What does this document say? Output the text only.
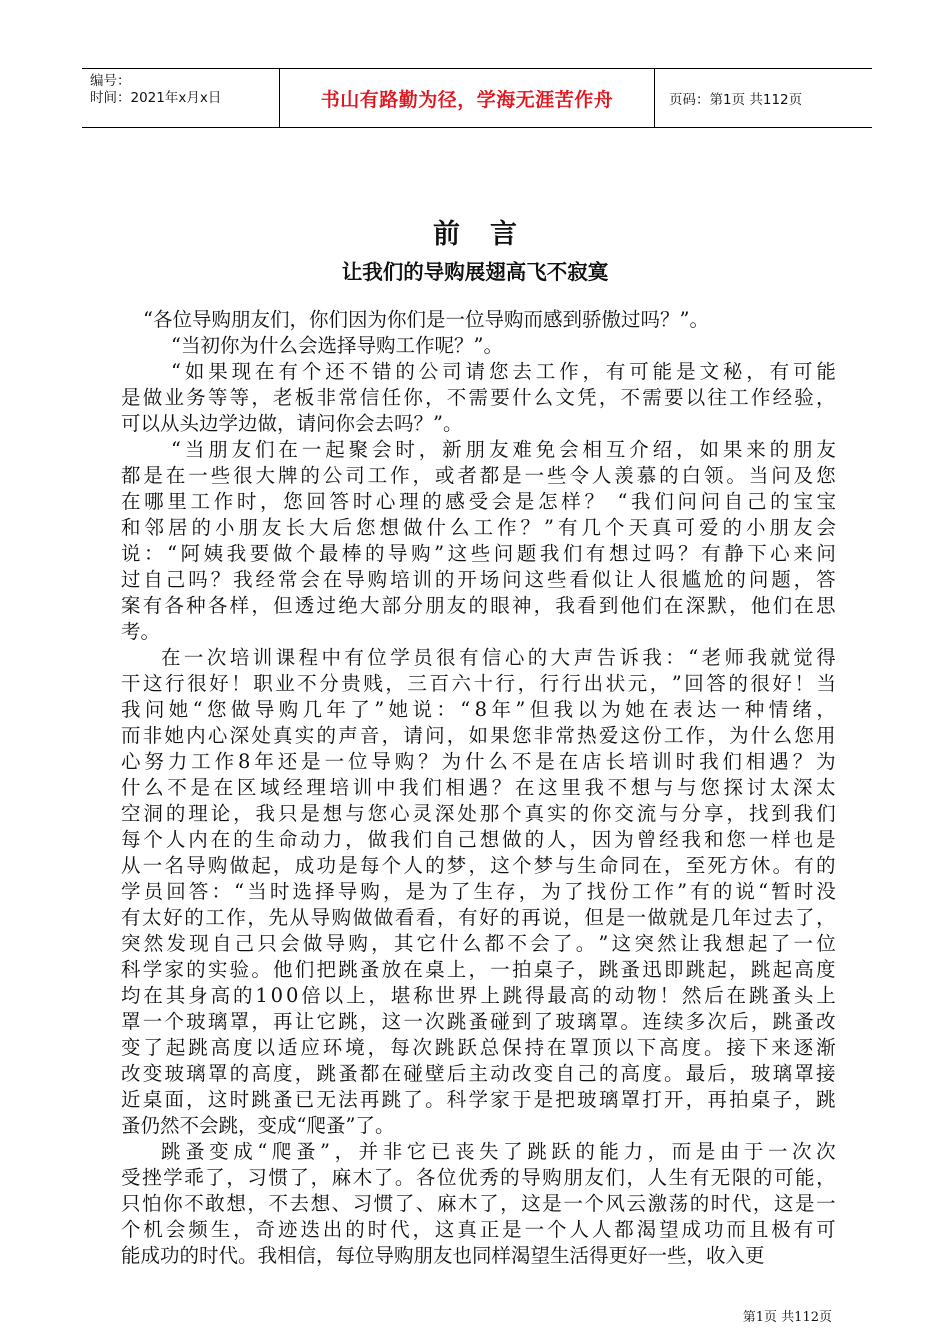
编号：
时间：2021年x月x日	书山有路勤为径，学海无涯苦作舟	页码：第1页 共112页
前言
让我们的导购展翅高飞不寂寞
“各位导购朋友们，你们因为你们是一位导购而感到骄傲过吗？”。
“当初你为什么会选择导购工作呢？”。
“ 如 果 现 在 有 个 还 不 错 的 公 司 请 您 去 工 作 ， 有 可 能 是 文 秘 ， 有 可 能
是 做 业 务 等 等 ， 老 板 非 常 信 任 你 ， 不 需 要 什 么 文 凭 ， 不 需 要 以 往 工 作 经 验 ，
可以从头边学边做，请问你会去吗？”。
“ 当 朋 友 们 在 一 起 聚 会 时 ， 新 朋 友 难 免 会 相 互 介 绍 ， 如 果 来 的 朋 友
都 是 在 一 些 很 大 牌 的 公 司 工 作 ， 或 者 都 是 一 些 令 人 羡 慕 的 白 领 。 当 问 及 您
在 哪 里 工 作 时 ， 您 回 答 时 心 理 的 感 受 会 是 怎 样 ？
“ 我 们 问 问 自 己 的 宝 宝
和 邻 居 的 小 朋 友 长 大 后 您 想 做 什 么 工 作 ？ ” 有 几 个 天 真 可 爱 的 小 朋 友 会
说 ： “ 阿 姨 我 要 做 个 最 棒 的 导 购 ” 这 些 问 题 我 们 有 想 过 吗 ？ 有 静 下 心 来 问
过 自 己 吗 ？ 我 经 常 会 在 导 购 培 训 的 开 场 问 这 些 看 似 让 人 很 尴 尬 的 问 题 ， 答
案 有 各 种 各 样 ， 但 透 过 绝 大 部 分 朋 友 的 眼 神 ， 我 看 到 他 们 在 深 默 ， 他 们 在 思
考。
在 一 次 培 训 课 程 中 有 位 学 员 很 有 信 心 的 大 声 告 诉 我 ： “ 老 师 我 就 觉 得
干 这 行 很 好 ！ 职 业 不 分 贵 贱 ， 三 百 六 十 行 ， 行 行 出 状 元 ， ” 回 答 的 很 好 ！ 当
我 问 她 “ 您 做 导 购 几 年 了 ” 她 说 ： “ 8 年 ” 但 我 以 为 她 在 表 达 一 种 情 绪 ，
而 非 她 内 心 深 处 真 实 的 声 音 ， 请 问 ， 如 果 您 非 常 热 爱 这 份 工 作 ， 为 什 么 您 用
心 努 力 工 作 8 年 还 是 一 位 导 购 ？ 为 什 么 不 是 在 店 长 培 训 时 我 们 相 遇 ？ 为
什 么 不 是 在 区 域 经 理 培 训 中 我 们 相 遇 ？ 在 这 里 我 不 想 与 与 您 探 讨 太 深 太
空 洞 的 理 论 ， 我 只 是 想 与 您 心 灵 深 处 那 个 真 实 的 你 交 流 与 分 享 ， 找 到 我 们
每 个 人 内 在 的 生 命 动 力 ， 做 我 们 自 己 想 做 的 人 ， 因 为 曾 经 我 和 您 一 样 也 是
从 一 名 导 购 做 起 ， 成 功 是 每 个 人 的 梦 ， 这 个 梦 与 生 命 同 在 ， 至 死 方 休 。 有 的
学 员 回 答 ： “ 当 时 选 择 导 购 ， 是 为 了 生 存 ， 为 了 找 份 工 作 ” 有 的 说 “ 暂 时 没
有 太 好 的 工 作 ， 先 从 导 购 做 做 看 看 ， 有 好 的 再 说 ， 但 是 一 做 就 是 几 年 过 去 了 ，
突 然 发 现 自 己 只 会 做 导 购 ， 其 它 什 么 都 不 会 了 。 ” 这 突 然 让 我 想 起 了 一 位
科 学 家 的 实 验 。 他 们 把 跳 蚤 放 在 桌 上 ， 一 拍 桌 子 ， 跳 蚤 迅 即 跳 起 ， 跳 起 高 度
均 在 其 身 高 的 1 0 0 倍 以 上 ， 堪 称 世 界 上 跳 得 最 高 的 动 物 ！ 然 后 在 跳 蚤 头 上
罩 一 个 玻 璃 罩 ， 再 让 它 跳 ， 这 一 次 跳 蚤 碰 到 了 玻 璃 罩 。 连 续 多 次 后 ， 跳 蚤 改
变 了 起 跳 高 度 以 适 应 环 境 ， 每 次 跳 跃 总 保 持 在 罩 顶 以 下 高 度 。 接 下 来 逐 渐
改 变 玻 璃 罩 的 高 度 ， 跳 蚤 都 在 碰 壁 后 主 动 改 变 自 己 的 高 度 。 最 后 ， 玻 璃 罩 接
近 桌 面 ， 这 时 跳 蚤 已 无 法 再 跳 了 。 科 学 家 于 是 把 玻 璃 罩 打 开 ， 再 拍 桌 子 ， 跳
蚤仍然不会跳，变成“爬蚤”了。
跳 蚤 变 成 “ 爬 蚤 ” ， 并 非 它 已 丧 失 了 跳 跃 的 能 力 ， 而 是 由 于 一 次 次
受 挫 学 乖 了 ， 习 惯 了 ， 麻 木 了 。 各 位 优 秀 的 导 购 朋 友 们 ， 人 生 有 无 限 的 可 能 ，
只 怕 你 不 敢 想 ， 不 去 想 、 习 惯 了 、 麻 木 了 ， 这 是 一 个 风 云 激 荡 的 时 代 ， 这 是 一
个 机 会 频 生 ， 奇 迹 迭 出 的 时 代 ， 这 真 正 是 一 个 人 人 都 渴 望 成 功 而 且 极 有 可
能成功的时代。我相信，每位导购朋友也同样渴望生活得更好一些，收入更
第1页 共112页
